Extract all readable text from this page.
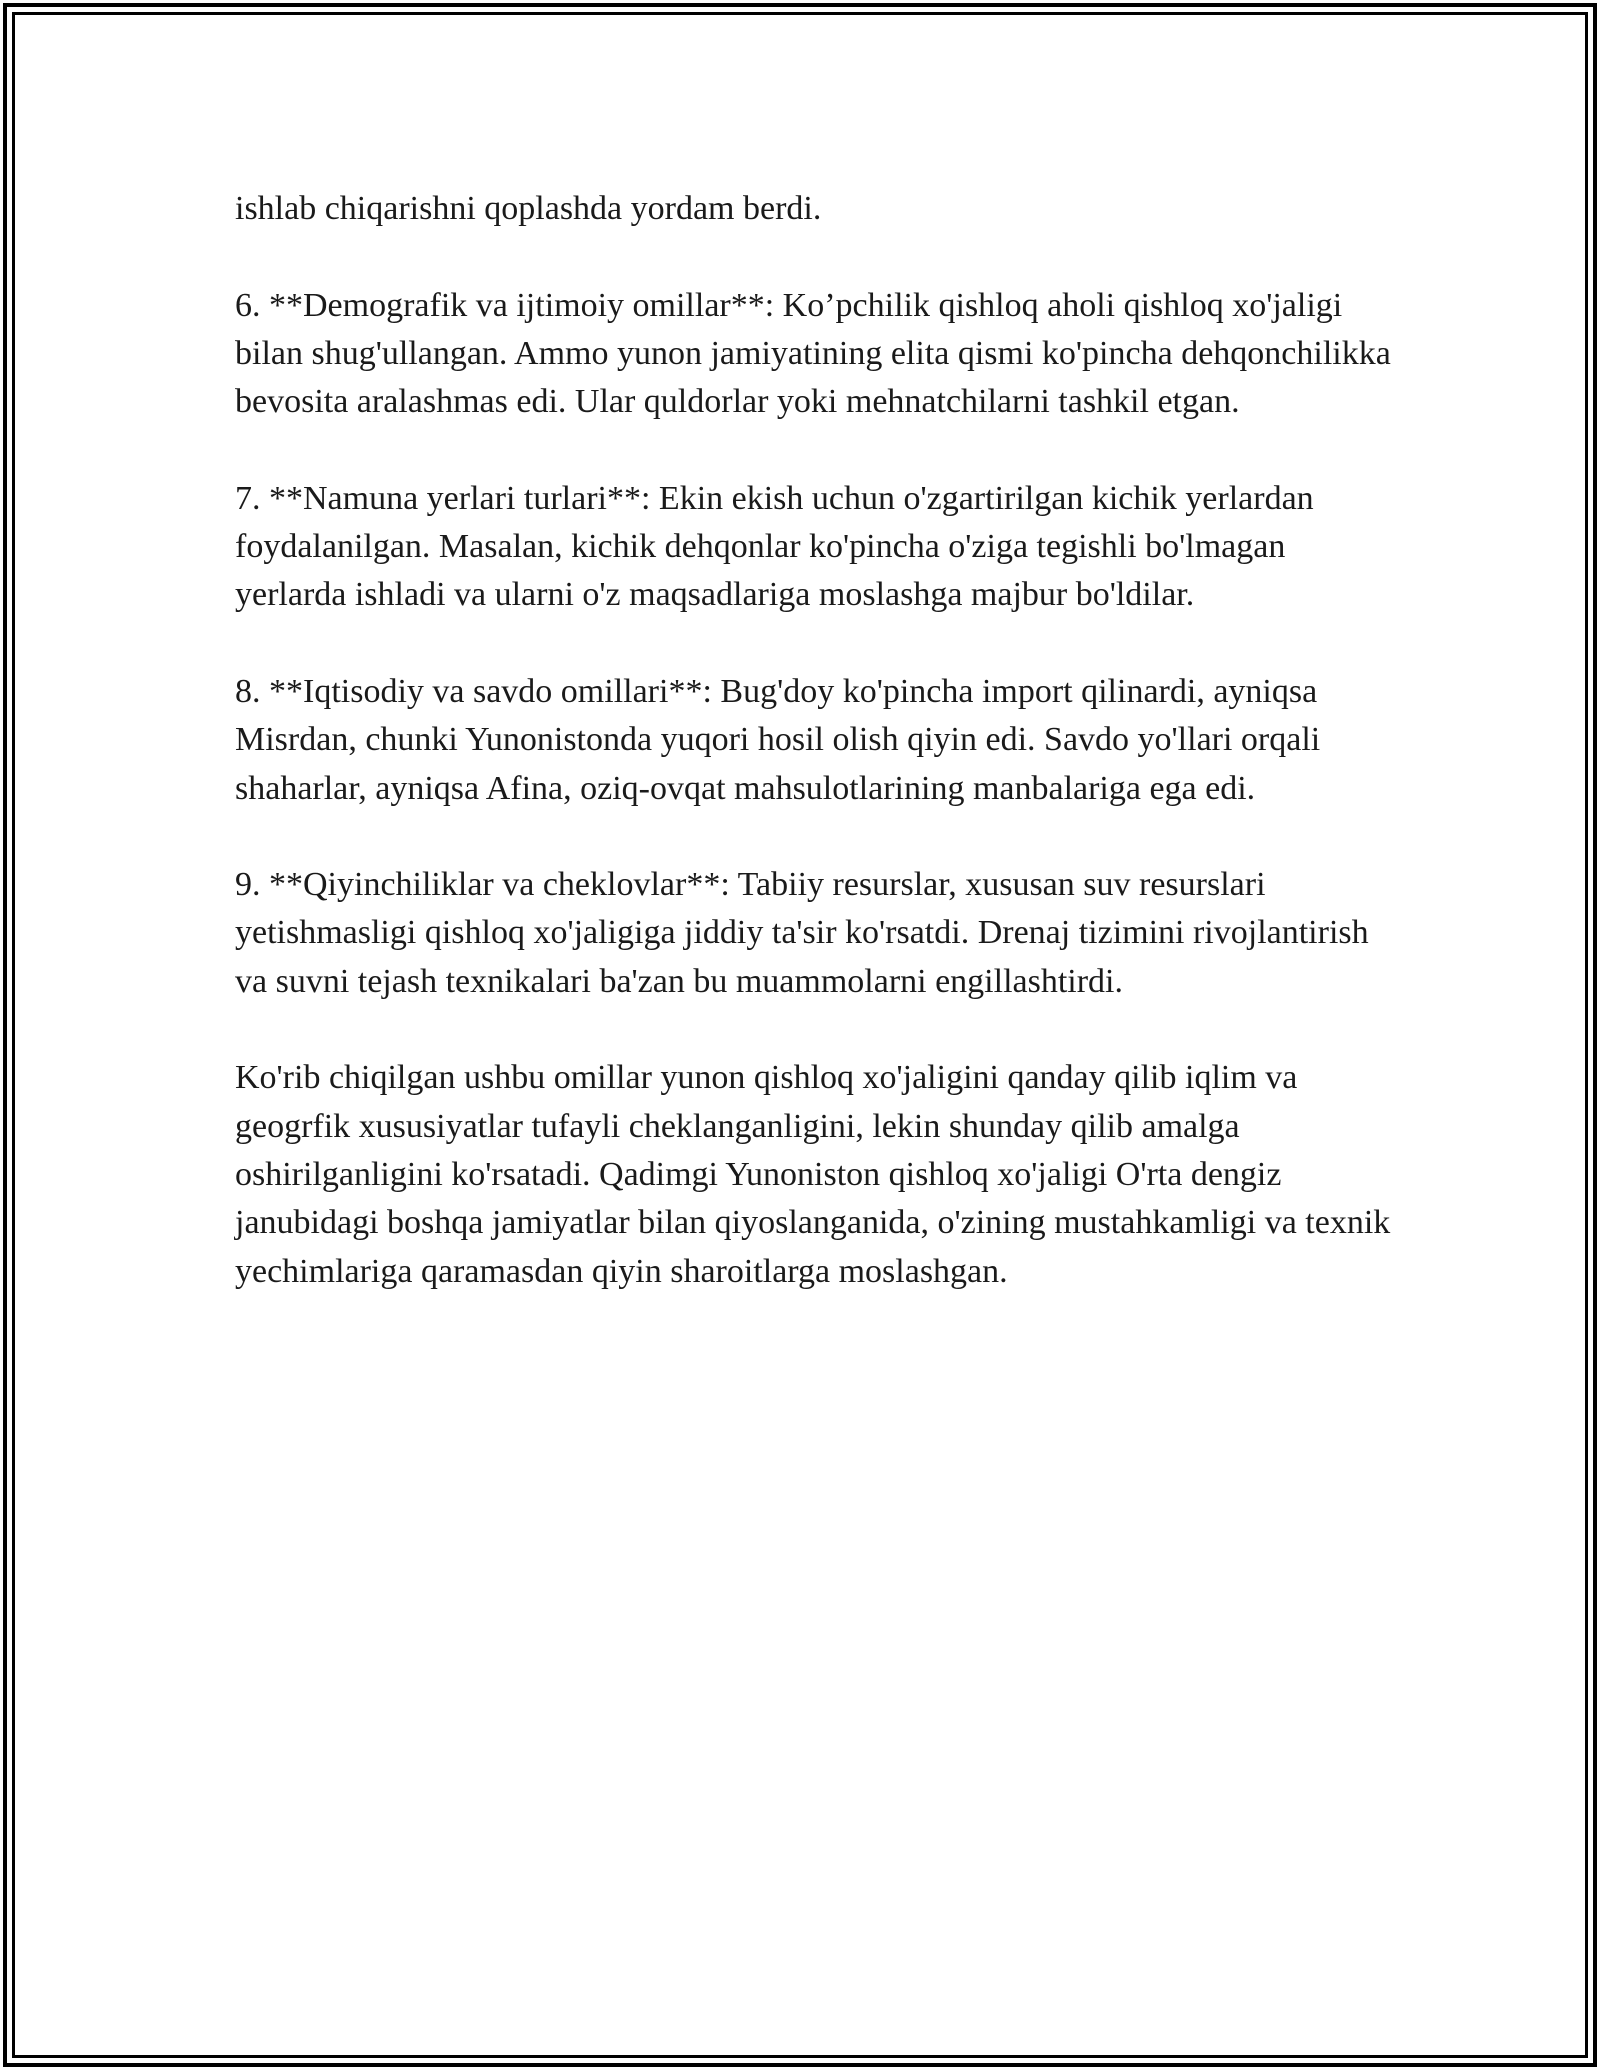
ishlab chiqarishni qoplashda yordam berdi.

6. **Demografik va ijtimoiy omillar**: Ko’pchilik qishloq aholi qishloq xo'jaligi bilan shug'ullangan. Ammo yunon jamiyatining elita qismi ko'pincha dehqonchilikka bevosita aralashmas edi. Ular quldorlar yoki mehnatchilarni tashkil etgan.

7. **Namuna yerlari turlari**: Ekin ekish uchun o'zgartirilgan kichik yerlardan foydalanilgan. Masalan, kichik dehqonlar ko'pincha o'ziga tegishli bo'lmagan yerlarda ishladi va ularni o'z maqsadlariga moslashga majbur bo'ldilar.

8. **Iqtisodiy va savdo omillari**: Bug'doy ko'pincha import qilinardi, ayniqsa Misrdan, chunki Yunonistonda yuqori hosil olish qiyin edi. Savdo yo'llari orqali shaharlar, ayniqsa Afina, oziq-ovqat mahsulotlarining manbalariga ega edi.

9. **Qiyinchiliklar va cheklovlar**: Tabiiy resurslar, xususan suv resurslari yetishmasligi qishloq xo'jaligiga jiddiy ta'sir ko'rsatdi. Drenaj tizimini rivojlantirish va suvni tejash texnikalari ba'zan bu muammolarni engillashtirdi.

Ko'rib chiqilgan ushbu omillar yunon qishloq xo'jaligini qanday qilib iqlim va geogrfik xususiyatlar tufayli cheklanganligini, lekin shunday qilib amalga oshirilganligini ko'rsatadi. Qadimgi Yunoniston qishloq xo'jaligi O'rta dengiz janubidagi boshqa jamiyatlar bilan qiyoslanganida, o'zining mustahkamligi va texnik yechimlariga qaramasdan qiyin sharoitlarga moslashgan.
